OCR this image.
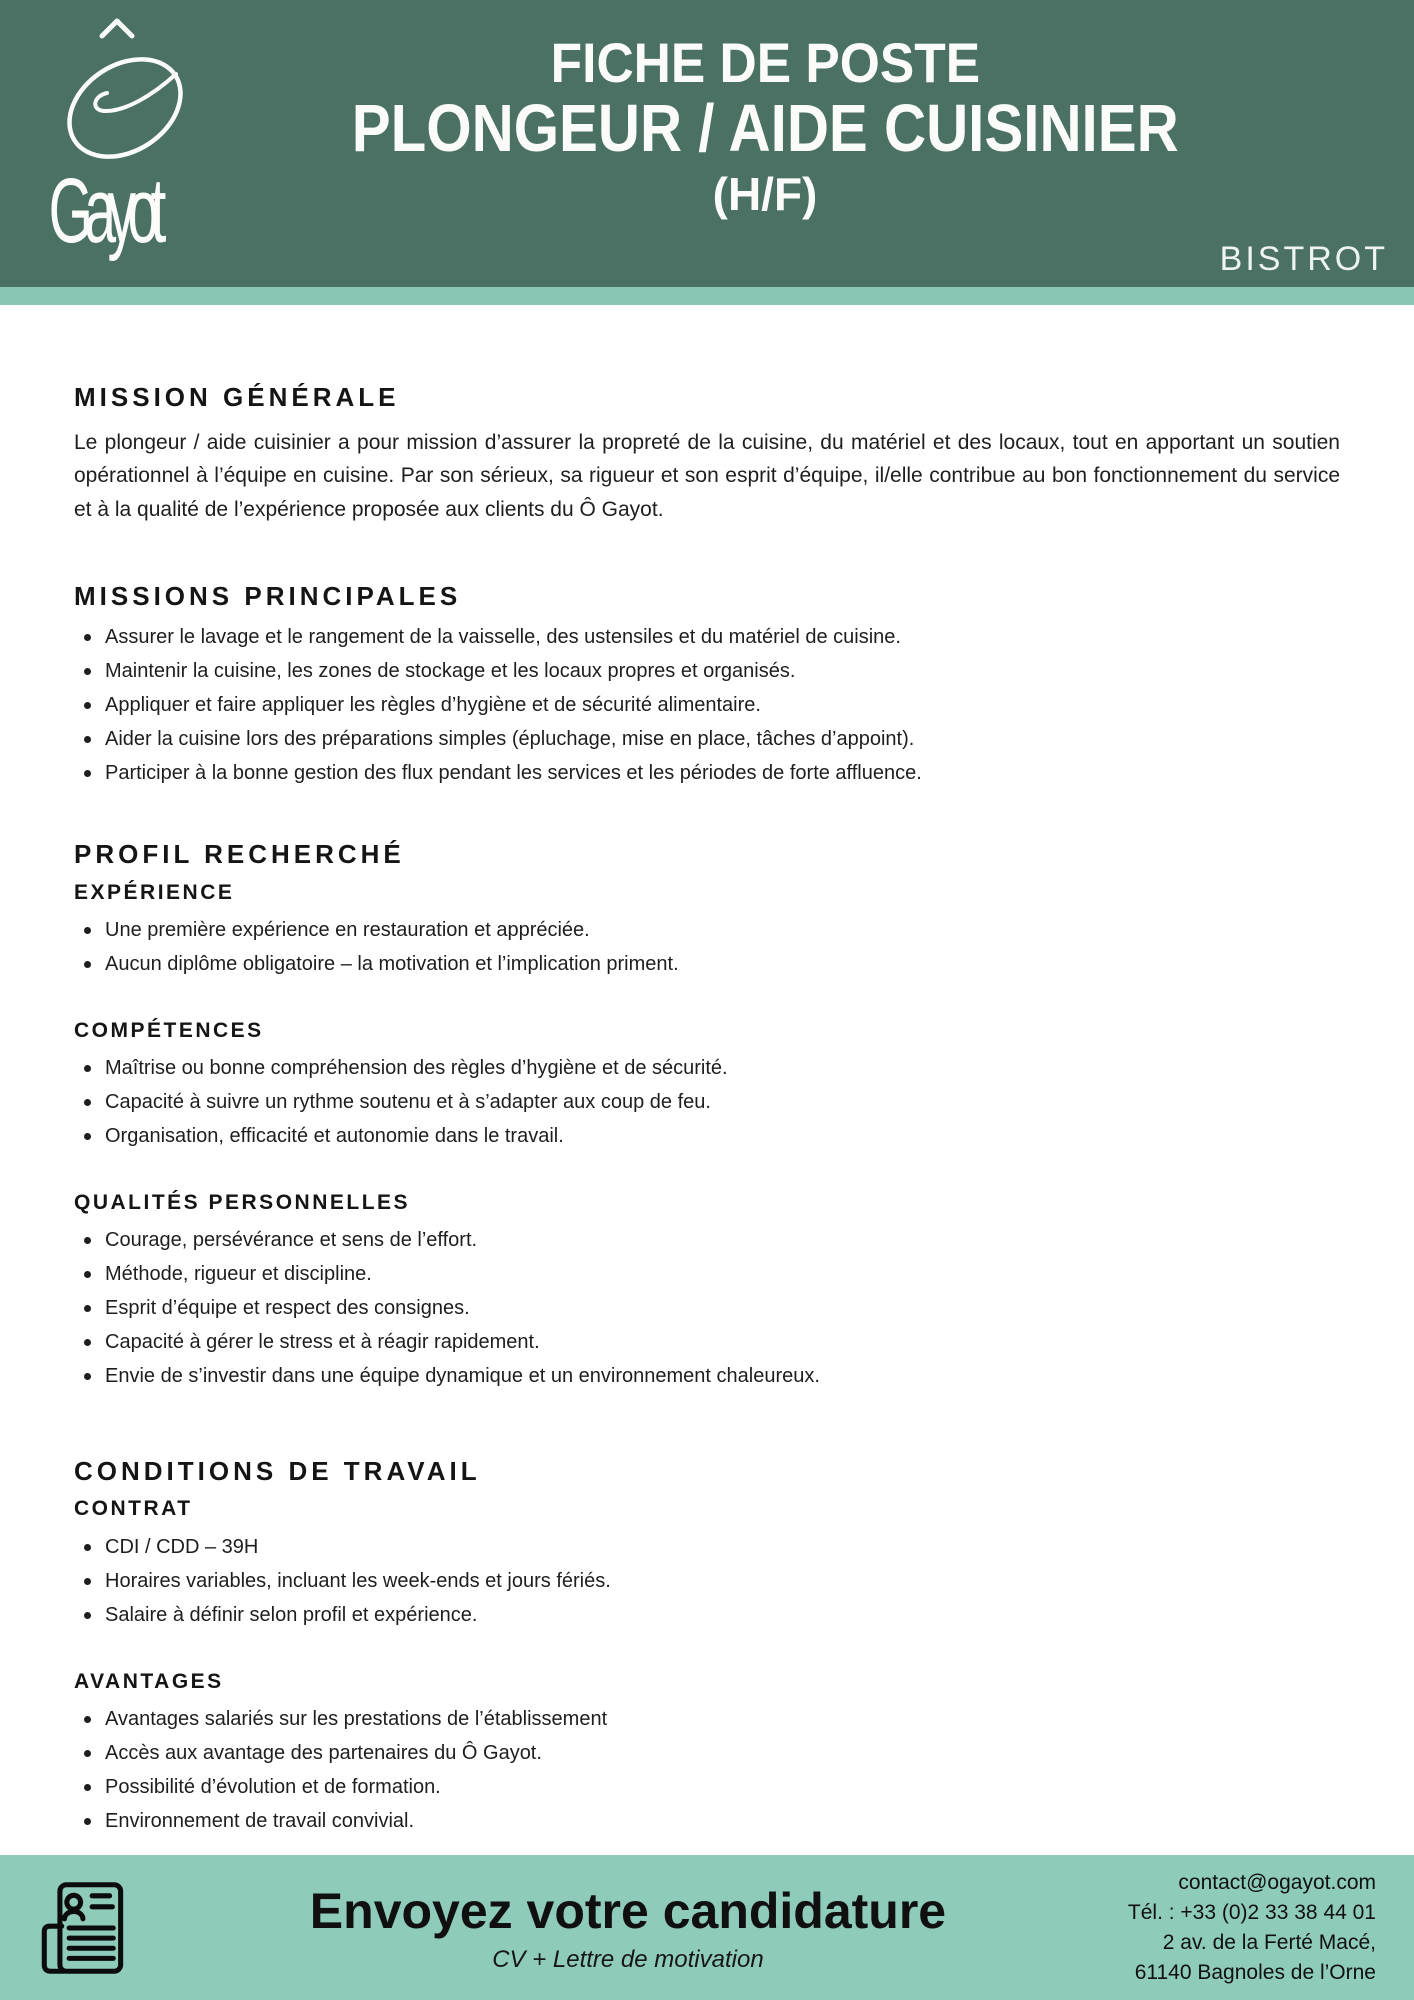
Gayot
FICHE DE POSTE
PLONGEUR / AIDE CUISINIER
(H/F)
BISTROT
MISSION GÉNÉRALE

Le plongeur / aide cuisinier a pour mission d’assurer la propreté de la cuisine, du matériel et des locaux, tout en apportant un soutien opérationnel à l’équipe en cuisine. Par son sérieux, sa rigueur et son esprit d’équipe, il/elle contribue au bon fonctionnement du service et à la qualité de l’expérience proposée aux clients du Ô Gayot.

MISSIONS PRINCIPALES
Assurer le lavage et le rangement de la vaisselle, des ustensiles et du matériel de cuisine.
Maintenir la cuisine, les zones de stockage et les locaux propres et organisés.
Appliquer et faire appliquer les règles d’hygiène et de sécurité alimentaire.
Aider la cuisine lors des préparations simples (épluchage, mise en place, tâches d’appoint).
Participer à la bonne gestion des flux pendant les services et les périodes de forte affluence.
PROFIL RECHERCHÉ
EXPÉRIENCE
Une première expérience en restauration et appréciée.
Aucun diplôme obligatoire – la motivation et l’implication priment.
COMPÉTENCES
Maîtrise ou bonne compréhension des règles d’hygiène et de sécurité.
Capacité à suivre un rythme soutenu et à s’adapter aux coup de feu.
Organisation, efficacité et autonomie dans le travail.
QUALITÉS PERSONNELLES
Courage, persévérance et sens de l’effort.
Méthode, rigueur et discipline.
Esprit d’équipe et respect des consignes.
Capacité à gérer le stress et à réagir rapidement.
Envie de s’investir dans une équipe dynamique et un environnement chaleureux.
CONDITIONS DE TRAVAIL
CONTRAT
CDI / CDD – 39H
Horaires variables, incluant les week-ends et jours fériés.
Salaire à définir selon profil et expérience.
AVANTAGES
Avantages salariés sur les prestations de l’établissement
Accès aux avantage des partenaires du Ô Gayot.
Possibilité d’évolution et de formation.
Environnement de travail convivial.
Envoyez votre candidature
CV + Lettre de motivation
contact@ogayot.com
Tél. : +33 (0)2 33 38 44 01
2 av. de la Ferté Macé,
61140 Bagnoles de l’Orne
